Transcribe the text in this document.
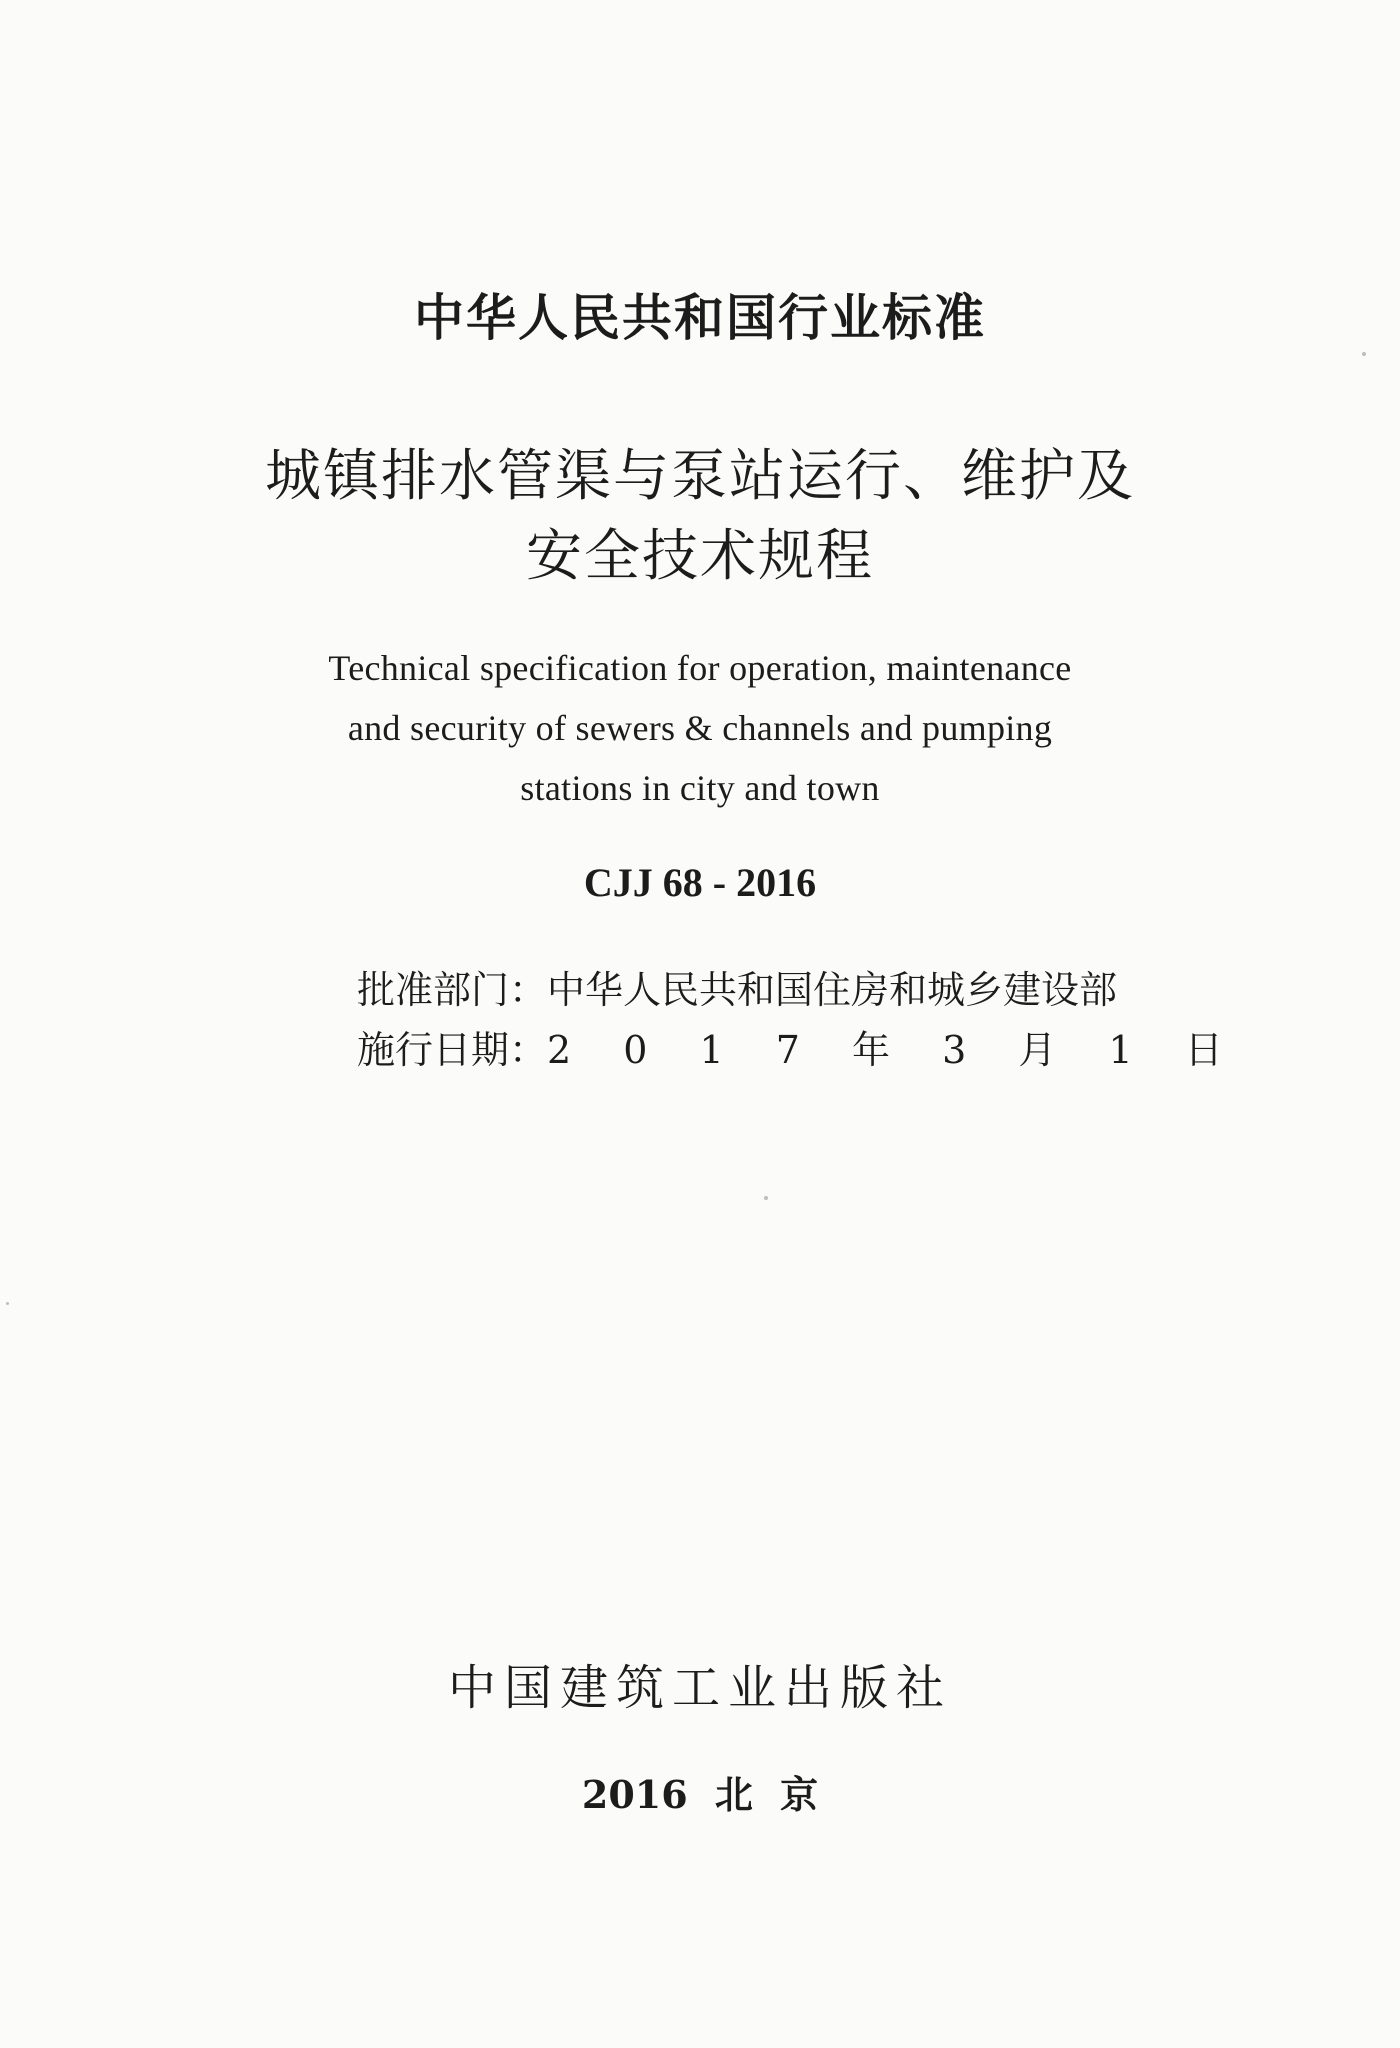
中华人民共和国行业标准
城镇排水管渠与泵站运行、维护及
安全技术规程
Technical specification for operation, maintenance
and security of sewers & channels and pumping
stations in city and town
CJJ 68 - 2016
批准部门：中华人民共和国住房和城乡建设部
施行日期：2 0 1 7 年 3 月 1 日
中国建筑工业出版社
2016 北 京
